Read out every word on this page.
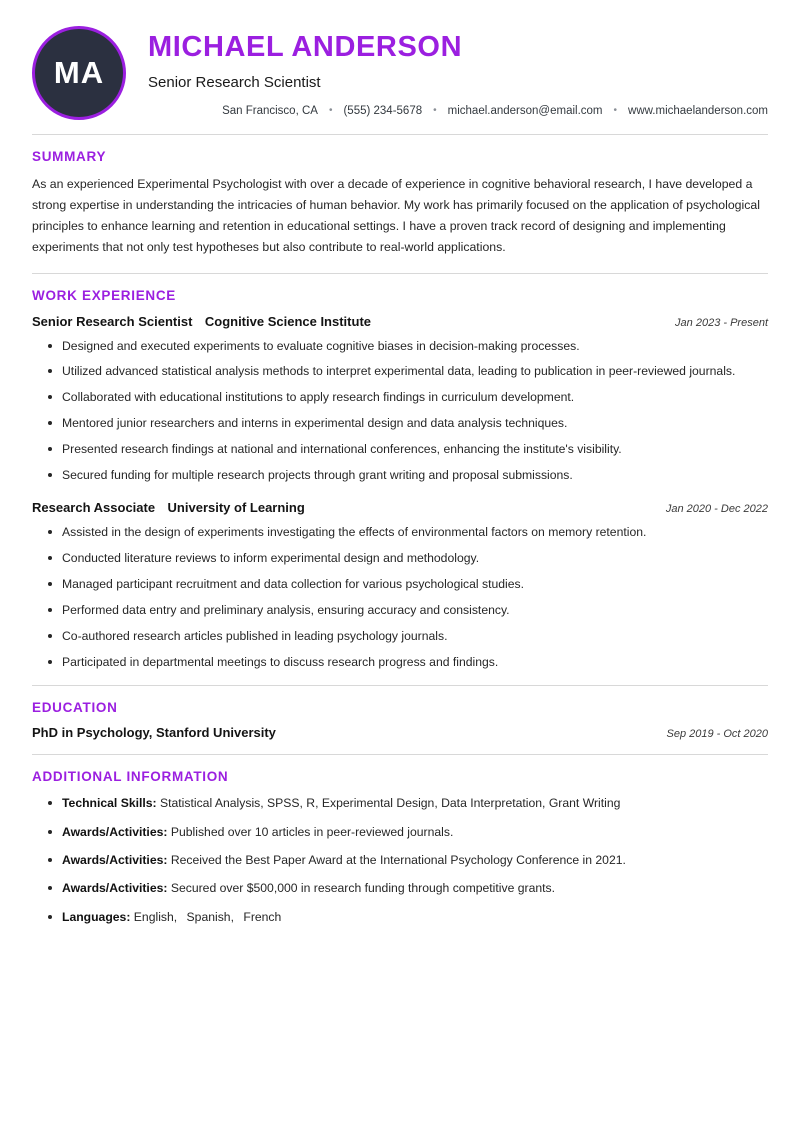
MA
MICHAEL ANDERSON
Senior Research Scientist
San Francisco, CA	• (555) 234-5678	• michael.anderson@email.com	• www.michaelanderson.com
SUMMARY

As an experienced Experimental Psychologist with over a decade of experience in cognitive behavioral research, I have developed a strong expertise in understanding the intricacies of human behavior. My work has primarily focused on the application of psychological principles to enhance learning and retention in educational settings. I have a proven track record of designing and implementing experiments that not only test hypotheses but also contribute to real-world applications.

WORK EXPERIENCE
Senior Research Scientist Cognitive Science Institute	Jan 2023 - Present
Designed and executed experiments to evaluate cognitive biases in decision-making processes.
Utilized advanced statistical analysis methods to interpret experimental data, leading to publication in peer-reviewed journals.
Collaborated with educational institutions to apply research findings in curriculum development.
Mentored junior researchers and interns in experimental design and data analysis techniques.
Presented research findings at national and international conferences, enhancing the institute's visibility.
Secured funding for multiple research projects through grant writing and proposal submissions.
Research Associate University of Learning	Jan 2020 - Dec 2022
Assisted in the design of experiments investigating the effects of environmental factors on memory retention.
Conducted literature reviews to inform experimental design and methodology.
Managed participant recruitment and data collection for various psychological studies.
Performed data entry and preliminary analysis, ensuring accuracy and consistency.
Co-authored research articles published in leading psychology journals.
Participated in departmental meetings to discuss research progress and findings.
EDUCATION
PhD in Psychology, Stanford University	Sep 2019 - Oct 2020
ADDITIONAL INFORMATION
Technical Skills: Statistical Analysis, SPSS, R, Experimental Design, Data Interpretation, Grant Writing
Awards/Activities: Published over 10 articles in peer-reviewed journals.
Awards/Activities: Received the Best Paper Award at the International Psychology Conference in 2021.
Awards/Activities: Secured over $500,000 in research funding through competitive grants.
Languages: English, Spanish, French
